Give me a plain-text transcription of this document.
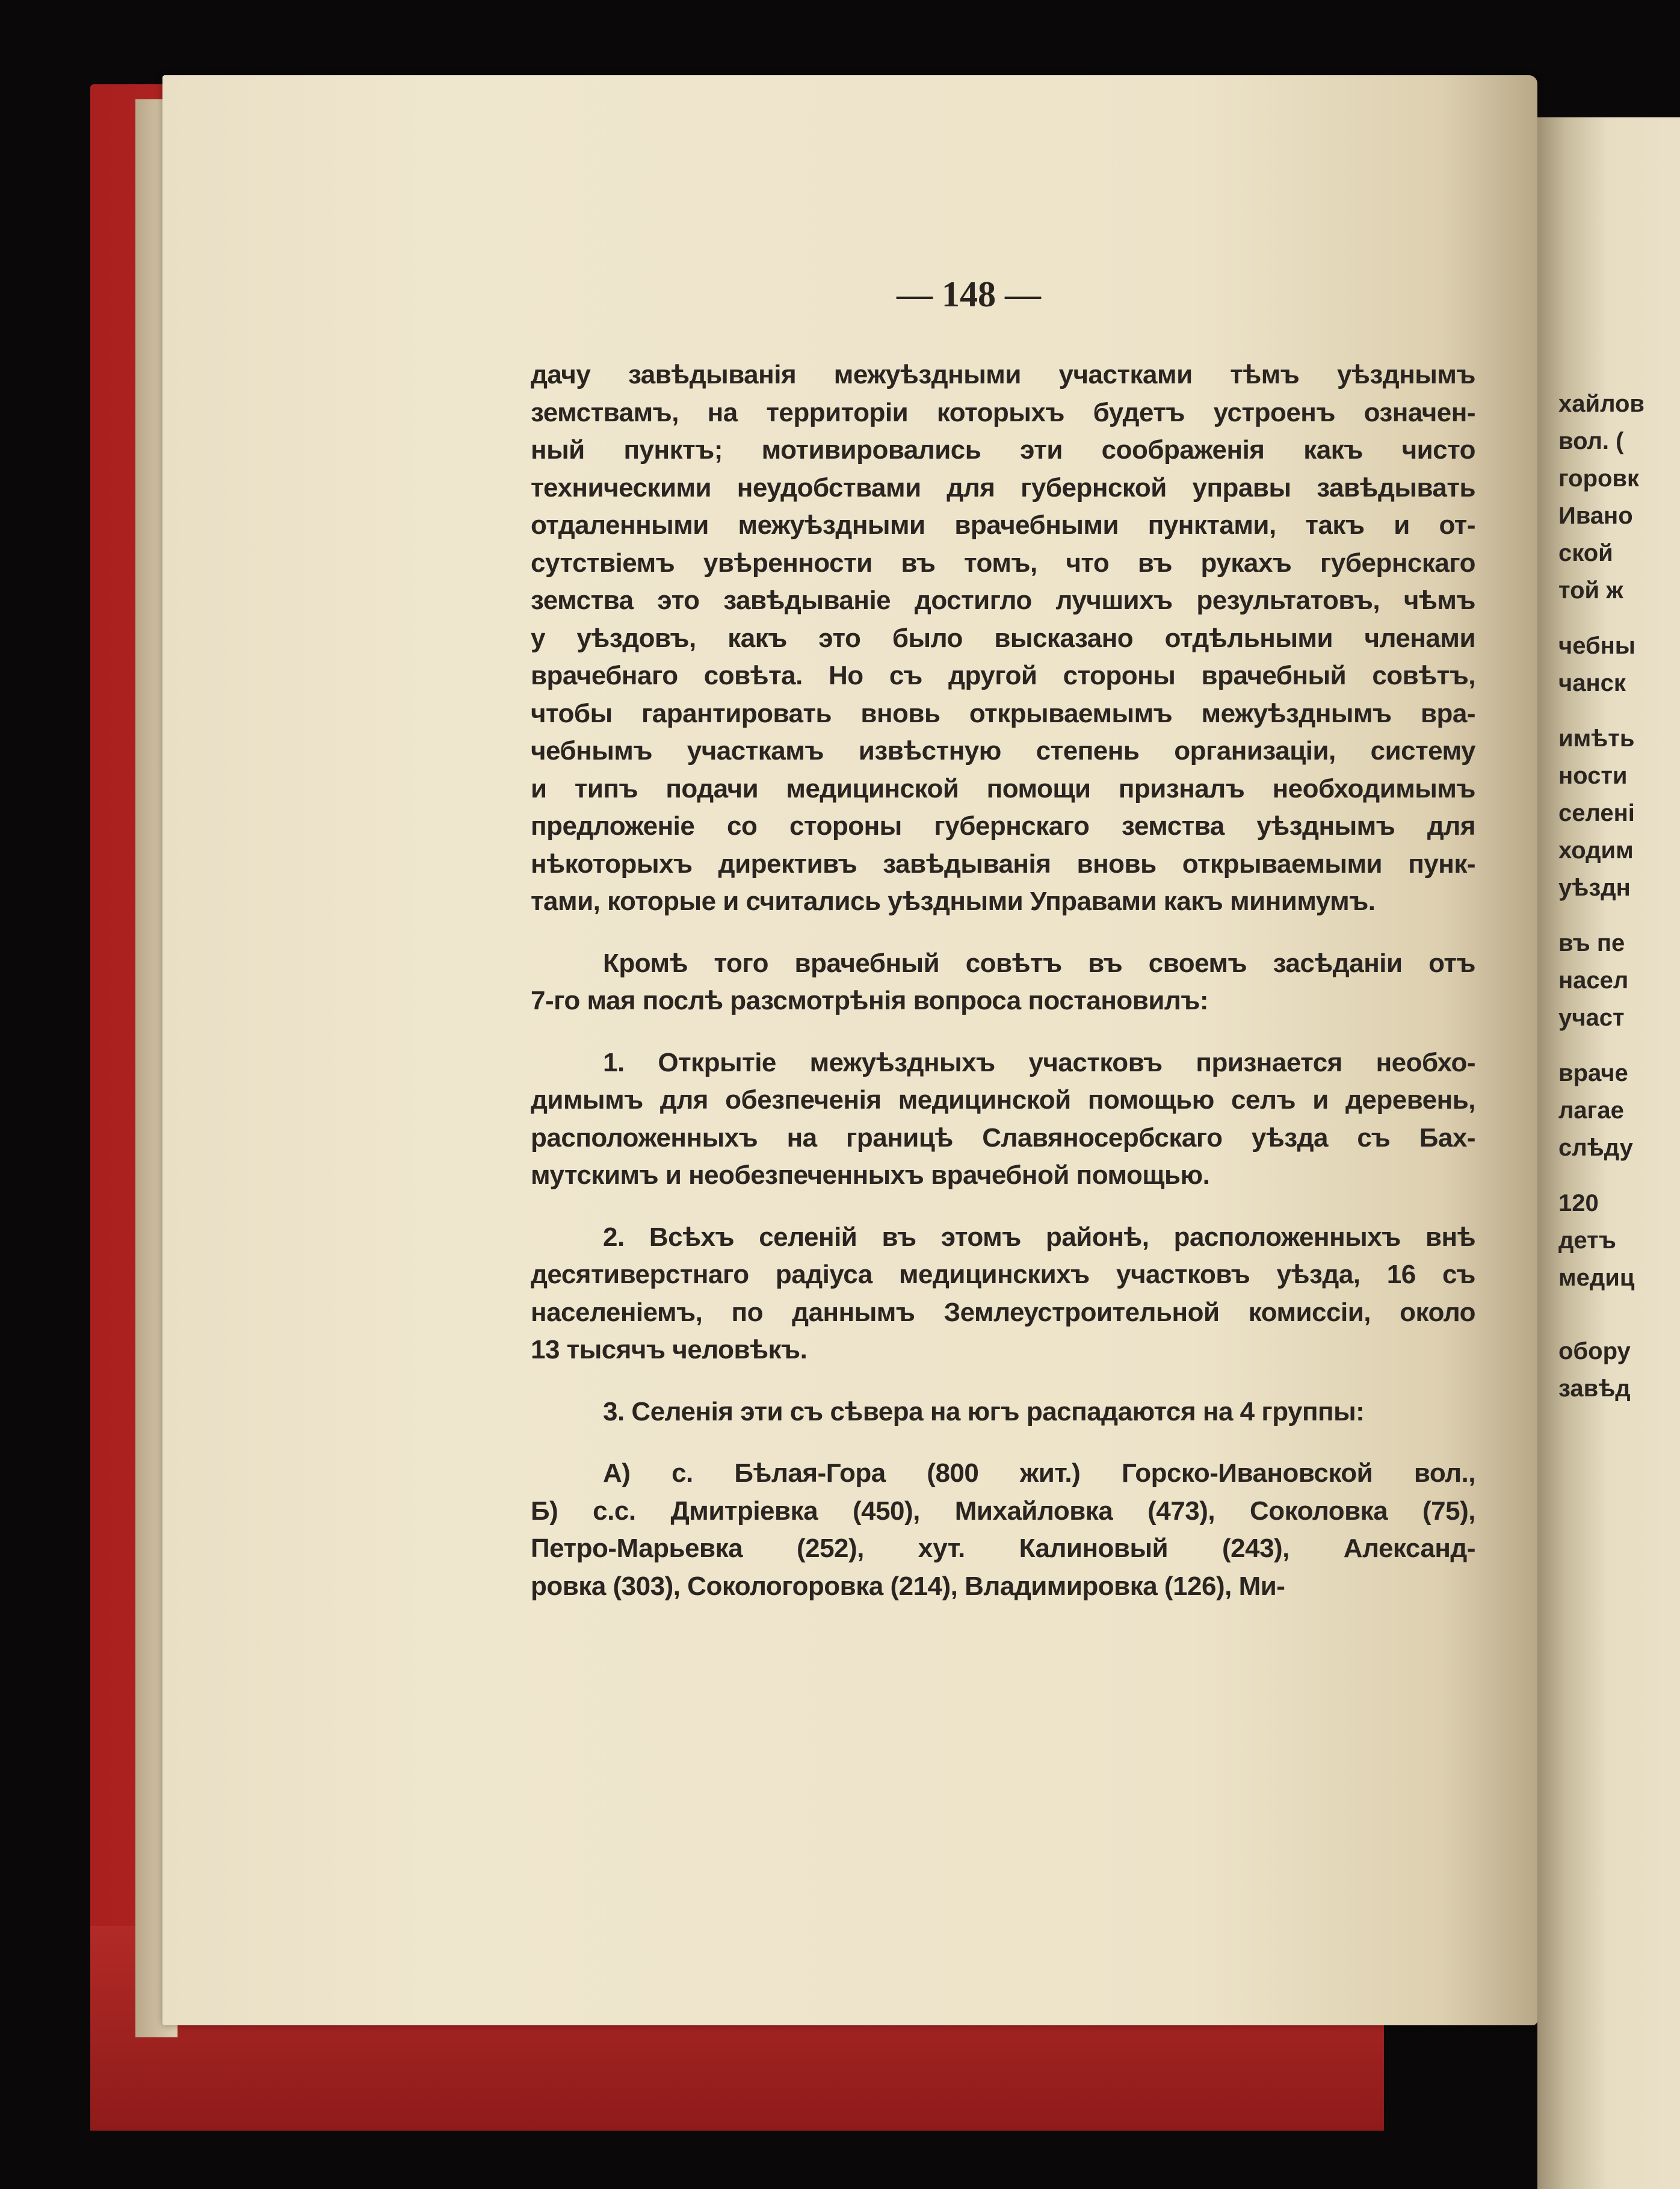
— 148 —

дачу завѣдыванія межуѣздными участками тѣмъ уѣзднымъ

земствамъ, на территоріи которыхъ будетъ устроенъ означен-

ный пунктъ; мотивировались эти соображенія какъ чисто

техническими неудобствами для губернской управы завѣдывать

отдаленными межуѣздными врачебными пунктами, такъ и от-

сутствіемъ увѣренности въ томъ, что въ рукахъ губернскаго

земства это завѣдываніе достигло лучшихъ результатовъ, чѣмъ

у уѣздовъ, какъ это было высказано отдѣльными членами

врачебнаго совѣта. Но съ другой стороны врачебный совѣтъ,

чтобы гарантировать вновь открываемымъ межуѣзднымъ вра-

чебнымъ участкамъ извѣстную степень организаціи, систему

и типъ подачи медицинской помощи призналъ необходимымъ

предложеніе со стороны губернскаго земства уѣзднымъ для

нѣкоторыхъ директивъ завѣдыванія вновь открываемыми пунк-

тами, которые и считались уѣздными Управами какъ минимумъ.

Кромѣ того врачебный совѣтъ въ своемъ засѣданіи отъ

7-го мая послѣ разсмотрѣнія вопроса постановилъ:

1. Открытіе межуѣздныхъ участковъ признается необхо-

димымъ для обезпеченія медицинской помощью селъ и деревень,

расположенныхъ на границѣ Славяносербскаго уѣзда съ Бах-

мутскимъ и необезпеченныхъ врачебной помощью.

2. Всѣхъ селеній въ этомъ районѣ, расположенныхъ внѣ

десятиверстнаго радіуса медицинскихъ участковъ уѣзда, 16 съ

населеніемъ, по даннымъ Землеустроительной комиссіи, около

13 тысячъ человѣкъ.

3. Селенія эти съ сѣвера на югъ распадаются на 4 группы:

А) с. Бѣлая-Гора (800 жит.) Горско-Ивановской вол.,

Б) с.с. Дмитріевка (450), Михайловка (473), Соколовка (75),

Петро-Марьевка (252), хут. Калиновый (243), Александ-

ровка (303), Сокологоровка (214), Владимировка (126), Ми-

хайлов
вол. (
горовк
Ивано
ской
той ж
чебны
чанск
имѣть
ности
селені
ходим
уѣздн
въ пе
насел
участ
враче
лагае
слѣду
120
детъ
медиц
обору
завѣд
